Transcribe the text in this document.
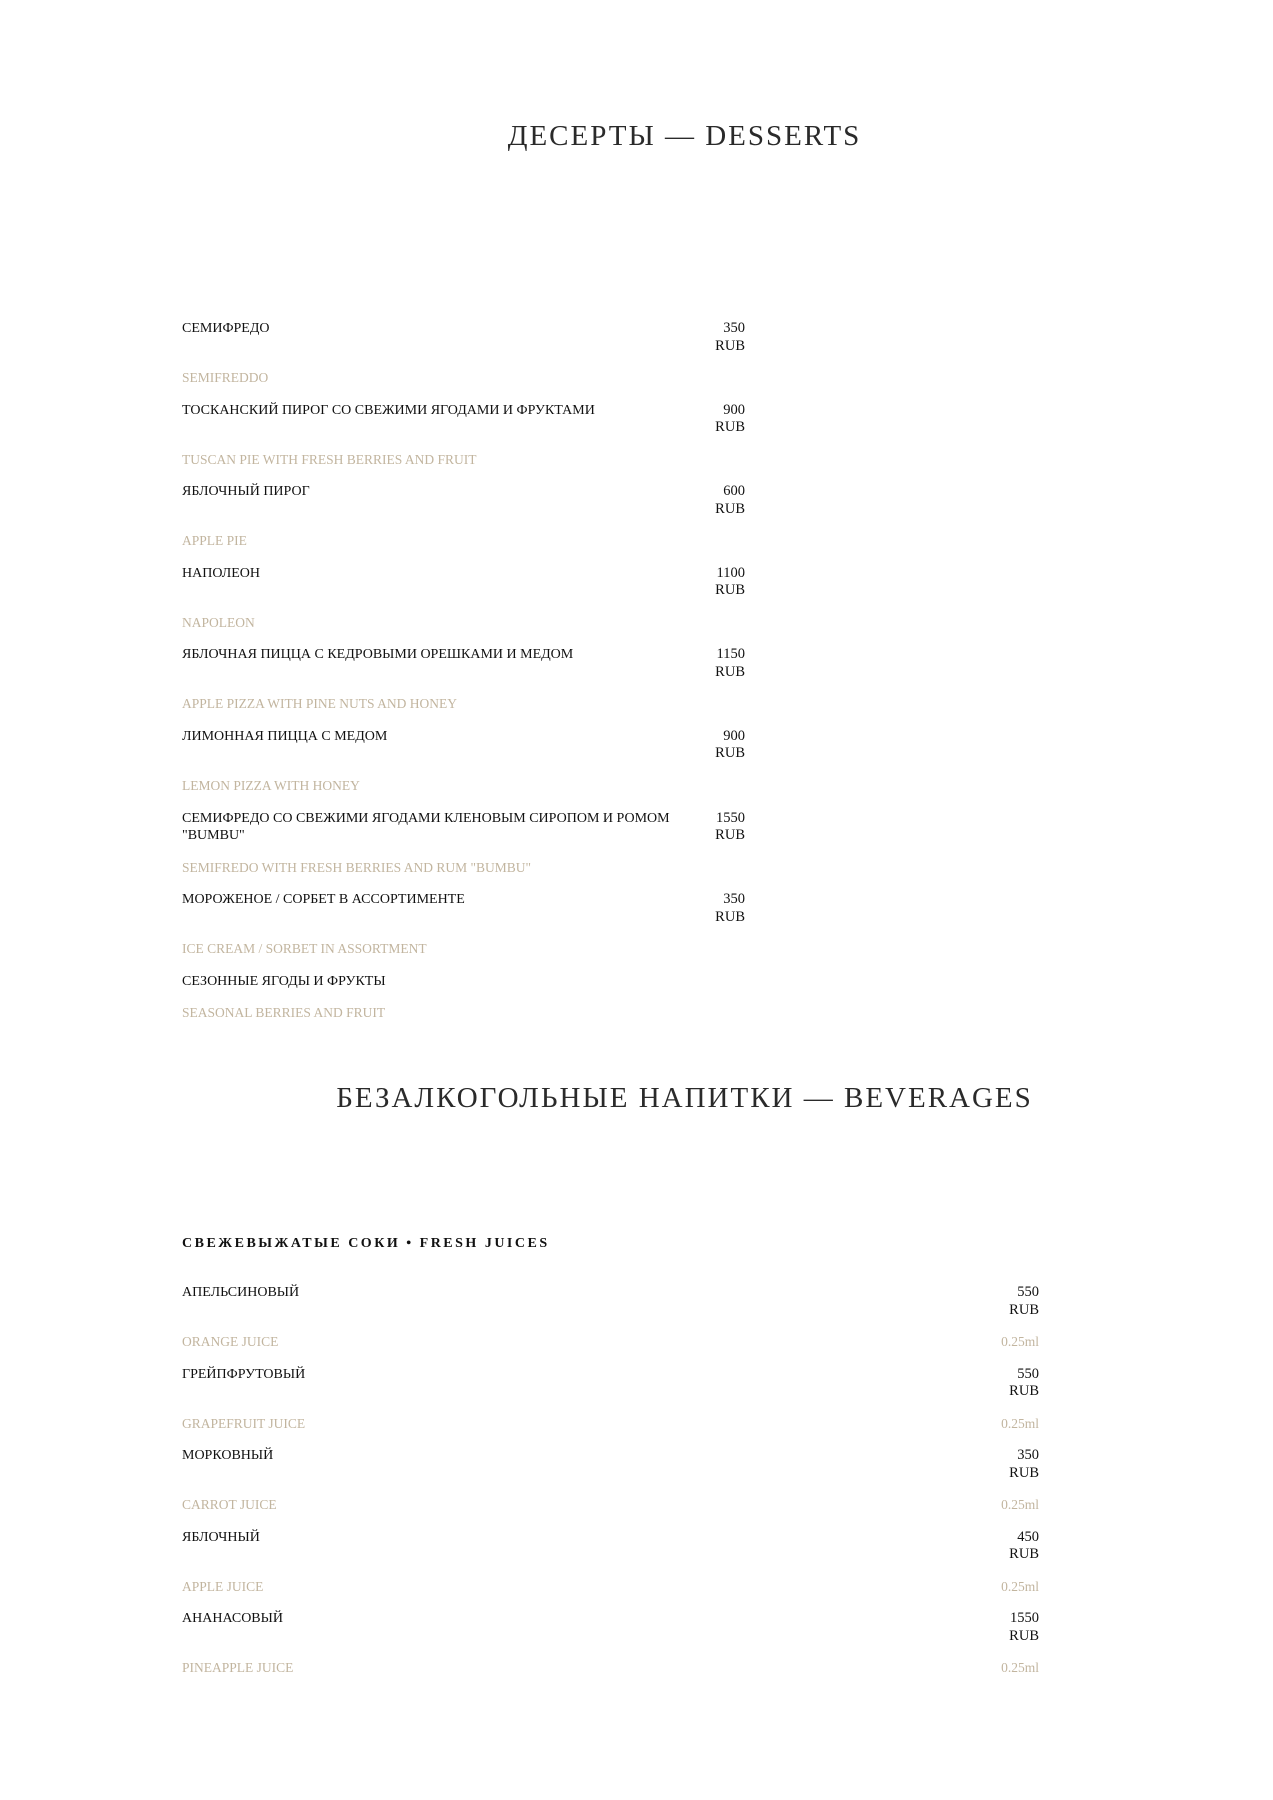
ДЕСЕРТЫ — DESSERTS
СЕМИФРЕДО	350
RUB
SEMIFREDDO
ТОСКАНСКИЙ ПИРОГ СО СВЕЖИМИ ЯГОДАМИ И ФРУКТАМИ	900
RUB
TUSCAN PIE WITH FRESH BERRIES AND FRUIT
ЯБЛОЧНЫЙ ПИРОГ	600
RUB
APPLE PIE
НАПОЛЕОН	1100
RUB
NAPOLEON
ЯБЛОЧНАЯ ПИЦЦА С КЕДРОВЫМИ ОРЕШКАМИ И МЕДОМ	1150
RUB
APPLE PIZZA WITH PINE NUTS AND HONEY
ЛИМОННАЯ ПИЦЦА С МЕДОМ	900
RUB
LEMON PIZZA WITH HONEY
СЕМИФРЕДО СО СВЕЖИМИ ЯГОДАМИ КЛЕНОВЫМ СИРОПОМ И РОМОМ "BUMBU"
1550
RUB
SEMIFREDO WITH FRESH BERRIES AND RUM "BUMBU"
МОРОЖЕНОЕ / СОРБЕТ В АССОРТИМЕНТЕ	350
RUB
ICE CREAM / SORBET IN ASSORTMENT
СЕЗОННЫЕ ЯГОДЫ И ФРУКТЫ
SEASONAL BERRIES AND FRUIT
БЕЗАЛКОГОЛЬНЫЕ НАПИТКИ — BEVERAGES
СВЕЖЕВЫЖАТЫЕ СОКИ • FRESH JUICES
АПЕЛЬСИНОВЫЙ	550
RUB
ORANGE JUICE	0.25ml
ГРЕЙПФРУТОВЫЙ	550
RUB
GRAPEFRUIT JUICE	0.25ml
МОРКОВНЫЙ	350
RUB
CARROT JUICE	0.25ml
ЯБЛОЧНЫЙ	450
RUB
APPLE JUICE	0.25ml
АНАНАСОВЫЙ	1550
RUB
PINEAPPLE JUICE	0.25ml
